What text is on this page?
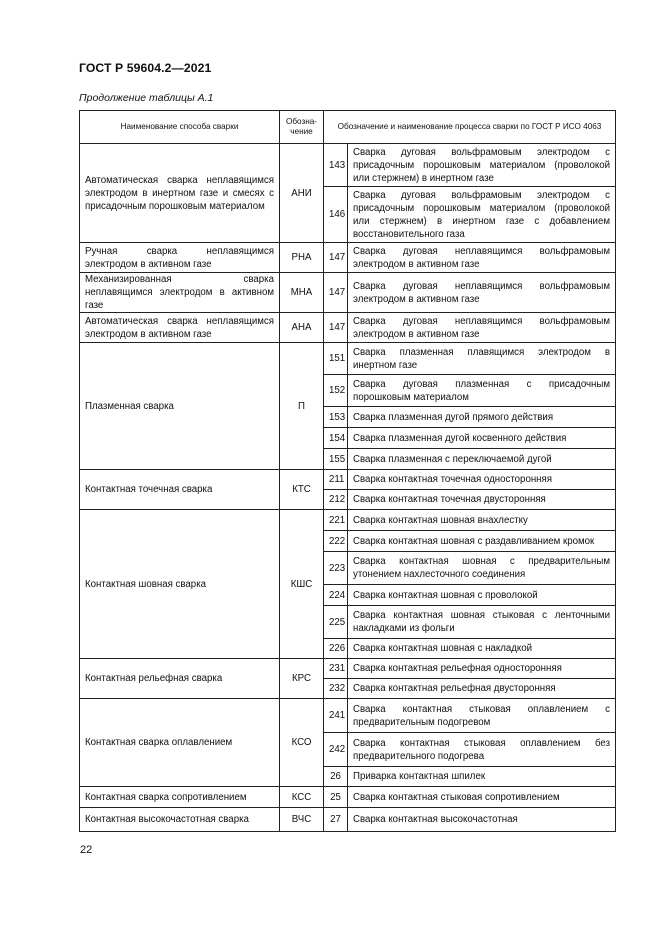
ГОСТ Р 59604.2—2021
Продолжение таблицы А.1
Наименование способа сварки	Обозна-чение	Обозначение и наименование процесса сварки по ГОСТ Р ИСО 4063	
Автоматическая сварка неплавящимся электродом в инертном газе и смесях с присадочным порошковым материалом	АНИ	143	Сварка дуговая вольфрамовым электродом с присадочным порошковым материалом (проволокой или стержнем) в инертном газе
		146	Сварка дуговая вольфрамовым электродом с присадочным порошковым материалом (проволокой или стержнем) в инертном газе с добавлением восстановительного газа
Ручная сварка неплавящимся электродом в активном газе	РНА	147	Сварка дуговая неплавящимся вольфрамовым электродом в активном газе
Механизированная сварка неплавящимся электродом в активном газе	МНА	147	Сварка дуговая неплавящимся вольфрамовым электродом в активном газе
Автоматическая сварка неплавящимся электродом в активном газе	АНА	147	Сварка дуговая неплавящимся вольфрамовым электродом в активном газе
Плазменная сварка	П	151	Сварка плазменная плавящимся электродом в инертном газе
		152	Сварка дуговая плазменная с присадочным порошковым материалом
		153	Сварка плазменная дугой прямого действия
		154	Сварка плазменная дугой косвенного действия
		155	Сварка плазменная с переключаемой дугой
Контактная точечная сварка	КТС	211	Сварка контактная точечная односторонняя
		212	Сварка контактная точечная двусторонняя
Контактная шовная сварка	КШС	221	Сварка контактная шовная внахлестку
		222	Сварка контактная шовная с раздавливанием кромок
		223	Сварка контактная шовная с предварительным утонением нахлесточного соединения
		224	Сварка контактная шовная с проволокой
		225	Сварка контактная шовная стыковая с ленточными накладками из фольги
		226	Сварка контактная шовная с накладкой
Контактная рельефная сварка	КРС	231	Сварка контактная рельефная односторонняя
		232	Сварка контактная рельефная двусторонняя
Контактная сварка оплавлением	КСО	241	Сварка контактная стыковая оплавлением с предварительным подогревом
		242	Сварка контактная стыковая оплавлением без предварительного подогрева
		26	Приварка контактная шпилек
Контактная сварка сопротивлением	КСС	25	Сварка контактная стыковая сопротивлением
Контактная высокочастотная сварка	ВЧС	27	Сварка контактная высокочастотная
22
